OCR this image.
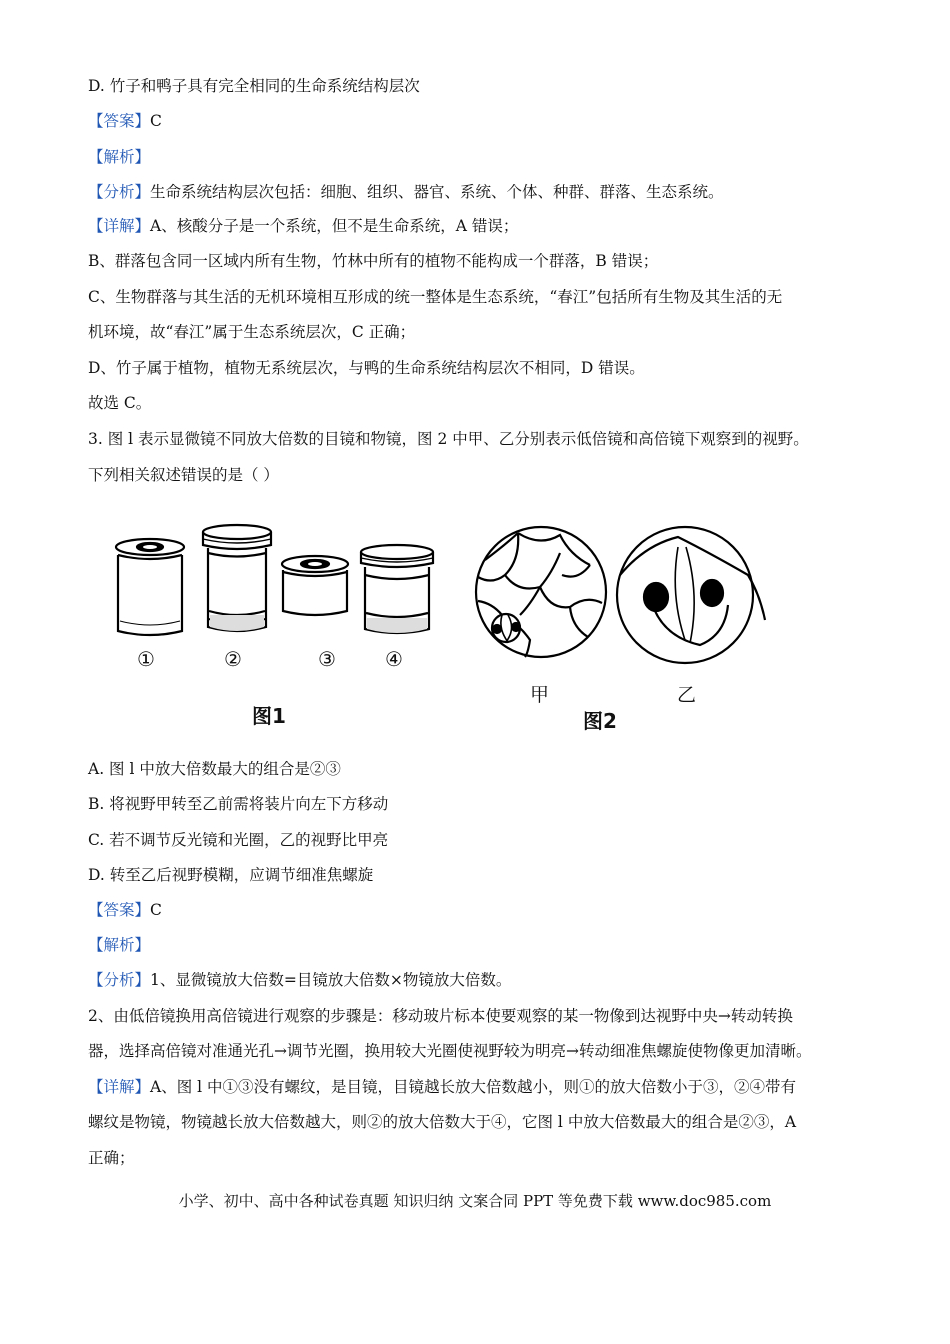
D. 竹子和鸭子具有完全相同的生命系统结构层次
【答案】C
【解析】
【分析】生命系统结构层次包括：细胞、组织、器官、系统、个体、种群、群落、生态系统。
【详解】A、核酸分子是一个系统，但不是生命系统，A 错误；
B、群落包含同一区域内所有生物，竹林中所有的植物不能构成一个群落，B 错误；
C、生物群落与其生活的无机环境相互形成的统一整体是生态系统，“春江”包括所有生物及其生活的无
机环境，故“春江”属于生态系统层次，C 正确；
D、竹子属于植物，植物无系统层次，与鸭的生命系统结构层次不相同，D 错误。
故选 C。
3. 图 l 表示显微镜不同放大倍数的目镜和物镜，图 2 中甲、乙分别表示低倍镜和高倍镜下观察到的视野。
下列相关叙述错误的是（ ）
①	②	③ ④
图1
甲	乙
图2
A. 图 l 中放大倍数最大的组合是②③
B. 将视野甲转至乙前需将装片向左下方移动
C. 若不调节反光镜和光圈，乙的视野比甲亮
D. 转至乙后视野模糊，应调节细准焦螺旋
【答案】C
【解析】
【分析】1、显微镜放大倍数=目镜放大倍数×物镜放大倍数。
2、由低倍镜换用高倍镜进行观察的步骤是：移动玻片标本使要观察的某一物像到达视野中央→转动转换
器，选择高倍镜对准通光孔→调节光圈，换用较大光圈使视野较为明亮→转动细准焦螺旋使物像更加清晰。
【详解】A、图 l 中①③没有螺纹，是目镜，目镜越长放大倍数越小，则①的放大倍数小于③，②④带有
螺纹是物镜，物镜越长放大倍数越大，则②的放大倍数大于④，它图 l 中放大倍数最大的组合是②③，A
正确；
小学、初中、高中各种试卷真题 知识归纳 文案合同 PPT 等免费下载 www.doc985.com
